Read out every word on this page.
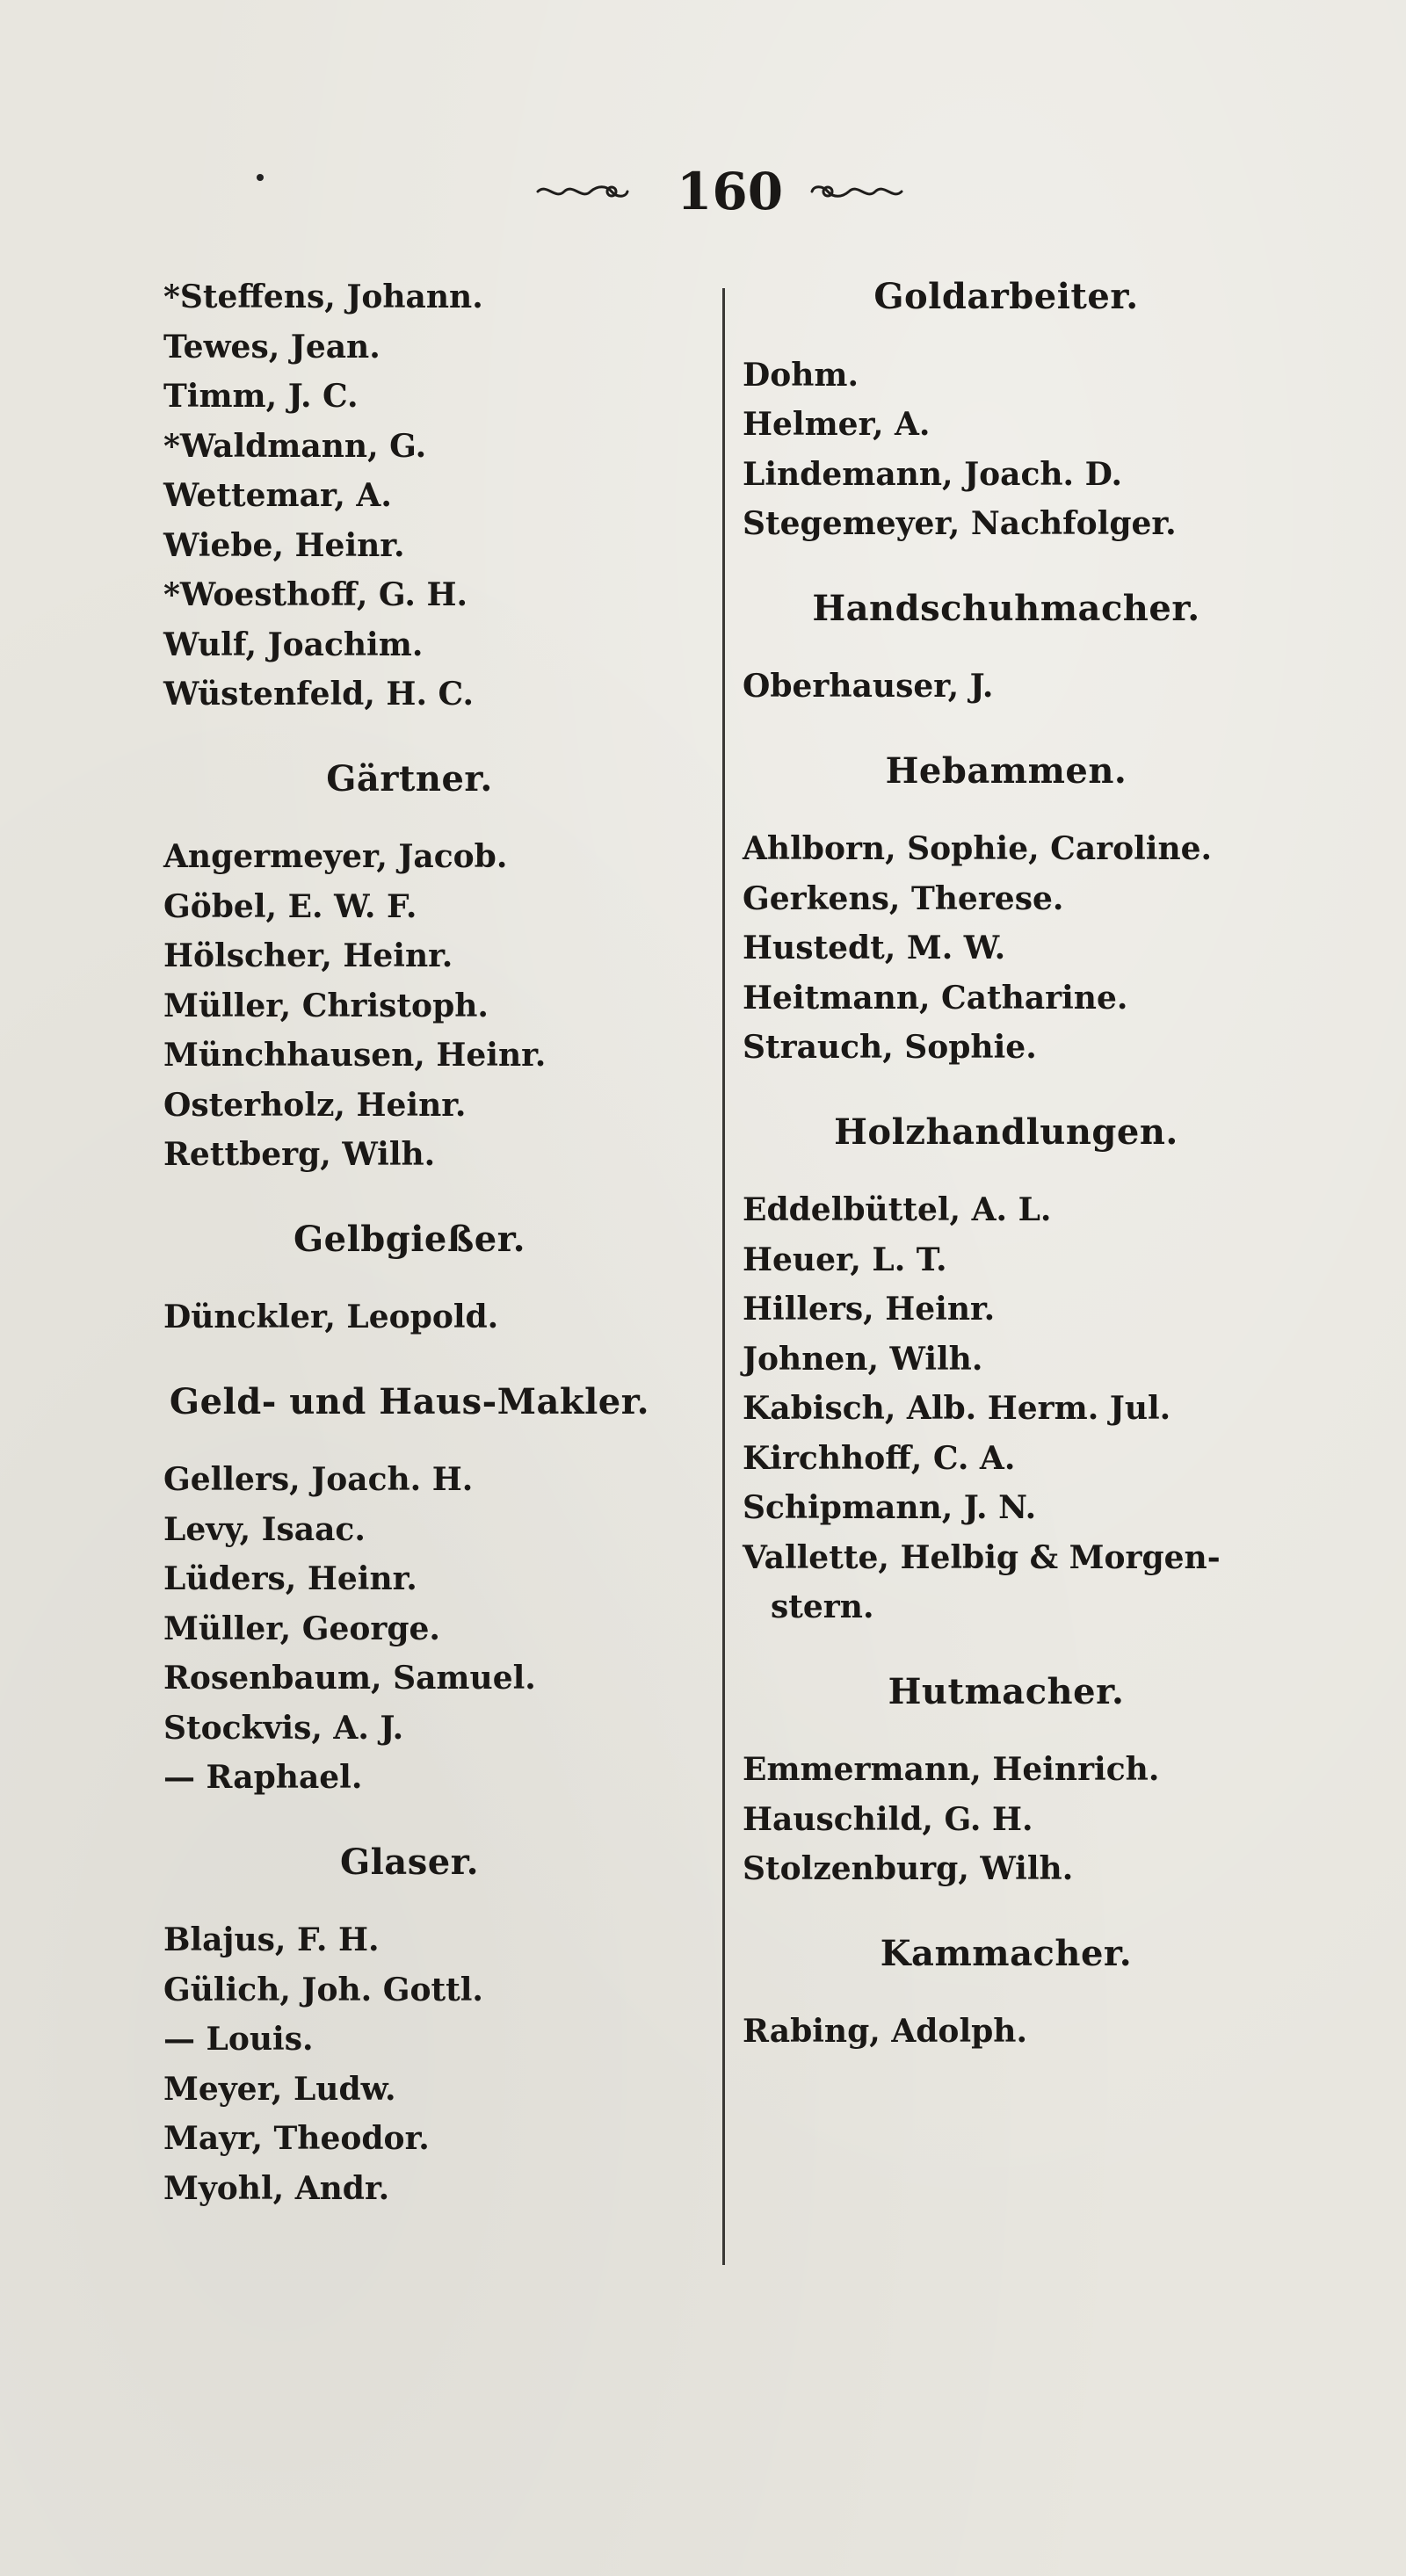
160
*Steffens, Johann.
Tewes, Jean.
Timm, J. C.
*Waldmann, G.
Wettemar, A.
Wiebe, Heinr.
*Woesthoff, G. H.
Wulf, Joachim.
Wüstenfeld, H. C.
Gärtner.
Angermeyer, Jacob.
Göbel, E. W. F.
Hölscher, Heinr.
Müller, Christoph.
Münchhausen, Heinr.
Osterholz, Heinr.
Rettberg, Wilh.
Gelbgießer.
Dünckler, Leopold.
Geld- und Haus-Makler.
Gellers, Joach. H.
Levy, Isaac.
Lüders, Heinr.
Müller, George.
Rosenbaum, Samuel.
Stockvis, A. J.
— Raphael.
Glaser.
Blajus, F. H.
Gülich, Joh. Gottl.
— Louis.
Meyer, Ludw.
Mayr, Theodor.
Myohl, Andr.
Goldarbeiter.
Dohm.
Helmer, A.
Lindemann, Joach. D.
Stegemeyer, Nachfolger.
Handschuhmacher.
Oberhauser, J.
Hebammen.
Ahlborn, Sophie, Caroline.
Gerkens, Therese.
Hustedt, M. W.
Heitmann, Catharine.
Strauch, Sophie.
Holzhandlungen.
Eddelbüttel, A. L.
Heuer, L. T.
Hillers, Heinr.
Johnen, Wilh.
Kabisch, Alb. Herm. Jul.
Kirchhoff, C. A.
Schipmann, J. N.
Vallette, Helbig & Morgen-
stern.
Hutmacher.
Emmermann, Heinrich.
Hauschild, G. H.
Stolzenburg, Wilh.
Kammacher.
Rabing, Adolph.
